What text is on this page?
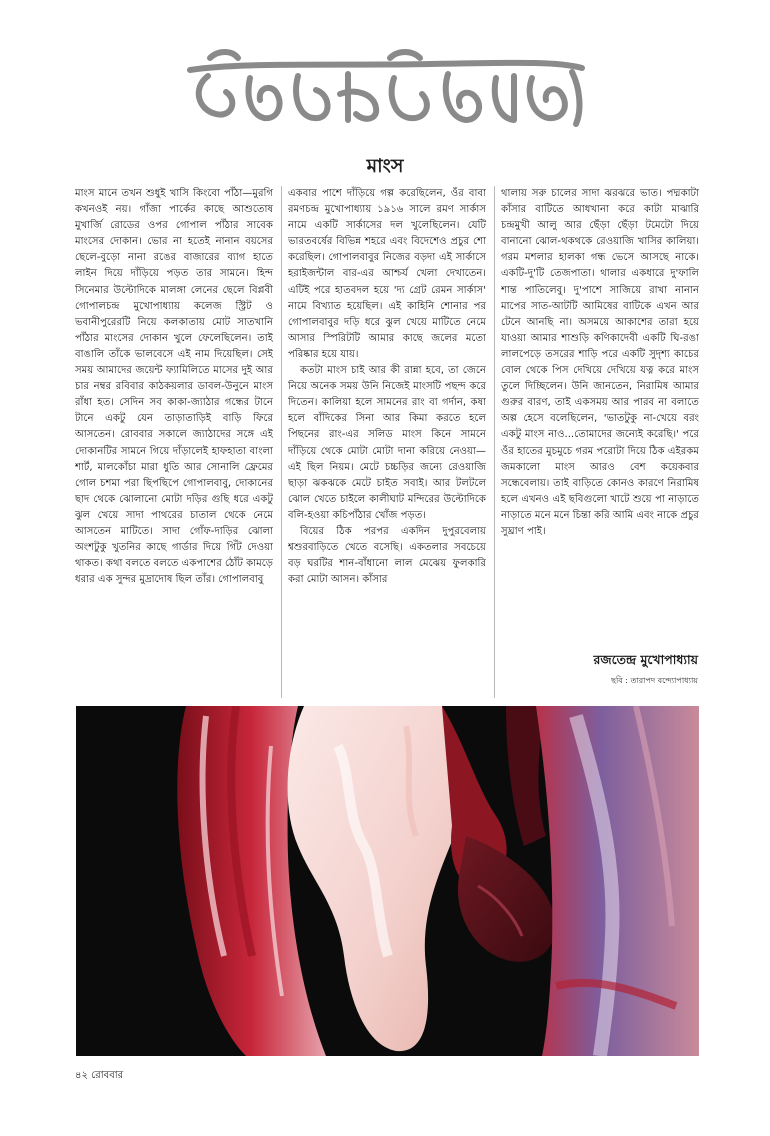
মাংস

মাংস মানে তখন শুধুই খাসি কিংবো পাঁঠা—মুরগি কখনওই নয়। গাঁজা পার্কের কাছে আশুতোষ মুখার্জি রোডের ওপর গোপাল পাঁঠার সাবেক মাংসের দোকান। ভোর না হতেই নানান বয়সের ছেলে-বুড়ো নানা রঙের বাজারের ব্যাগ হাতে লাইন দিয়ে দাঁড়িয়ে পড়ত তার সামনে। হিন্দ সিনেমার উল্টোদিকে মালঙ্গা লেনের ছেলে বিপ্লবী গোপালচন্দ্র মুখোপাধ্যায় কলেজ স্ট্রিট ও ভবানীপুরেরটি নিয়ে কলকাতায় মোট সাতখানি পাঁঠার মাংসের দোকান খুলে ফেলেছিলেন। তাই বাঙালি তাঁকে ভালবেসে এই নাম দিয়েছিল। সেই সময় আমাদের জয়েন্ট ফ্যামিলিতে মাসের দুই আর চার নম্বর রবিবার কাঠকয়লার ডাবল-উনুনে মাংস রাঁধা হত। সেদিন সব কাকা-জ্যাঠার গন্ধের টানে টানে একটু যেন তাড়াতাড়িই বাড়ি ফিরে আসতেন। রোববার সকালে জ্যাঠাদের সঙ্গে এই দোকানটির সামনে গিয়ে দাঁড়ালেই হাফহাতা বাংলা শার্ট, মালকোঁচা মারা ধুতি আর সোনালি ফ্রেমের গোল চশমা পরা ছিপছিপে গোপালবাবু, দোকানের ছাদ থেকে ঝোলানো মোটা দড়ির গুছি ধরে একটু ঝুল খেয়ে সাদা পাথরের চাতাল থেকে নেমে আসতেন মাটিতে। সাদা গোঁফ-দাড়ির ঝোলা অংশটুকু খুতনির কাছে গার্ডার দিয়ে গিঁট দেওয়া থাকত। কথা বলতে বলতে একপাশের ঠোঁট কামড়ে ধরার এক সুন্দর মুদ্রাদোষ ছিল তাঁর। গোপালবাবু

একবার পাশে দাঁড়িয়ে গল্প করেছিলেন, ওঁর বাবা রমণচন্দ্র মুখোপাধ্যায় ১৯১৬ সালে রমণ সার্কাস নামে একটি সার্কাসের দল খুলেছিলেন। যেটি ভারতবর্ষের বিভিন্ন শহরে এবং বিদেশেও প্রচুর শো করেছিল। গোপালবাবুর নিজের বড়দা এই সার্কাসে হরাইজন্টাল বার-এর আশ্চর্য খেলা দেখাতেন। এটিই পরে হাতবদল হয়ে 'দ্য গ্রেট রেমন সার্কাস' নামে বিখ্যাত হয়েছিল। এই কাহিনি শোনার পর গোপালবাবুর দড়ি ধরে ঝুল খেয়ে মাটিতে নেমে আসার স্পিরিটটি আমার কাছে জলের মতো পরিষ্কার হয়ে যায়।

কতটা মাংস চাই আর কী রান্না হবে, তা জেনে নিয়ে অনেক সময় উনি নিজেই মাংসটি পছন্দ করে দিতেন। কালিয়া হলে সামনের রাং বা গর্দান, কষা হলে বাঁদিকের সিনা আর কিমা করতে হলে পিছনের রাং-এর সলিড মাংস কিনে সামনে দাঁড়িয়ে থেকে মোটা মোটা দানা করিয়ে নেওয়া—এই ছিল নিয়ম। মেটে চচ্চড়ির জন্যে রেওয়াজি ছাড়া ঝকঝকে মেটে চাইত সবাই। আর টলটলে ঝোল খেতে চাইলে কালীঘাট মন্দিরের উল্টোদিকে বলি-হওয়া কচিপাঁঠার খোঁজ পড়ত।

বিয়ের ঠিক পরপর একদিন দুপুরবেলায় শ্বশুরবাড়িতে খেতে বসেছি। একতলার সবচেয়ে বড় ঘরটির শান-বাঁধানো লাল মেঝেয় ফুলকারি করা মোটা আসন। কাঁসার

থালায় সরু চালের সাদা ঝরঝরে ভাত। পদ্মকাটা কাঁসার বাটিতে আধখানা করে কাটা মাঝারি চন্দ্রমুখী আলু আর ছেঁড়া ছেঁড়া টমেটো দিয়ে বানানো ঝোল-থকথকে রেওয়াজি খাসির কালিয়া। গরম মশলার হালকা গন্ধ ভেসে আসছে নাকে। একটি-দু'টি তেজপাতা। থালার একধারে দু'ফালি শান্ত পাতিলেবু। দু'পাশে সাজিয়ে রাখা নানান মাপের সাত-আটটি আমিষের বাটিকে এখন আর টেনে আনছি না। অসময়ে আকাশের তারা হয়ে যাওয়া আমার শাশুড়ি কণিকাদেবী একটি ঘি-রঙা লালপেড়ে তসরের শাড়ি পরে একটি সুদৃশ্য কাচের বোল থেকে পিস দেখিয়ে দেখিয়ে যত্ন করে মাংস তুলে দিচ্ছিলেন। উনি জানতেন, নিরামিষ আমার গুরুর বারণ, তাই একসময় আর পারব না বলাতে অল্প হেসে বলেছিলেন, 'ভাতটুকু না-খেয়ে বরং একটু মাংস নাও...তোমাদের জন্যেই করেছি।' পরে ওঁর হাতের মুচমুচে গরম পরোটা দিয়ে ঠিক এইরকম জমকালো মাংস আরও বেশ কয়েকবার সন্ধেবেলায়। তাই বাড়িতে কোনও কারণে নিরামিষ হলে এখনও এই ছবিগুলো খাটে শুয়ে পা নাড়াতে নাড়াতে মনে মনে চিন্তা করি আমি এবং নাকে প্রচুর সুঘ্রাণ পাই।

রজতেন্দ্র মুখোপাধ্যায়
ছবি : তারাপদ বন্দ্যোপাধ্যায়
৪২ রোববার
